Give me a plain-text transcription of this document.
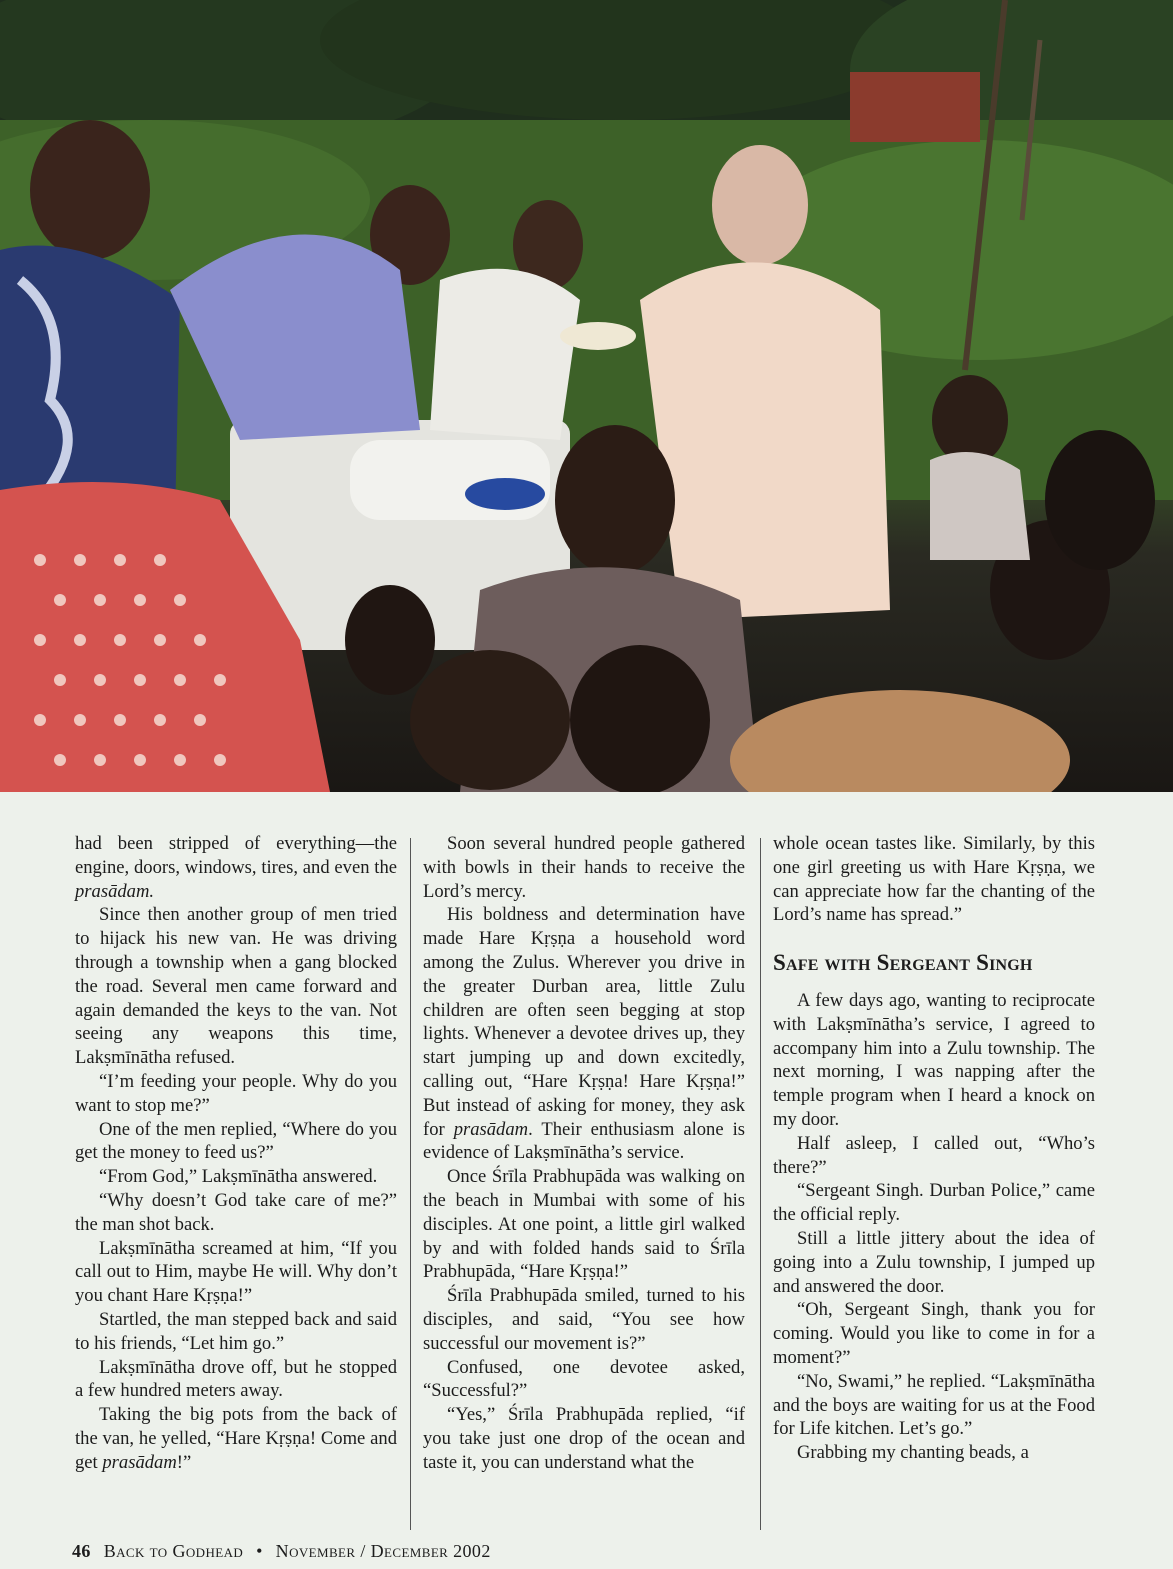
had been stripped of everything—the engine, doors, windows, tires, and even the prasādam.

Since then another group of men tried to hijack his new van. He was driving through a township when a gang blocked the road. Several men came forward and again demanded the keys to the van. Not seeing any weapons this time, Lakṣmīnātha refused.

“I’m feeding your people. Why do you want to stop me?”

One of the men replied, “Where do you get the money to feed us?”

“From God,” Lakṣmīnātha answered.

“Why doesn’t God take care of me?” the man shot back.

Lakṣmīnātha screamed at him, “If you call out to Him, maybe He will. Why don’t you chant Hare Kṛṣṇa!”

Startled, the man stepped back and said to his friends, “Let him go.”

Lakṣmīnātha drove off, but he stopped a few hundred meters away.

Taking the big pots from the back of the van, he yelled, “Hare Kṛṣṇa! Come and get prasādam!”

Soon several hundred people gathered with bowls in their hands to receive the Lord’s mercy.

His boldness and determination have made Hare Kṛṣṇa a household word among the Zulus. Wherever you drive in the greater Durban area, little Zulu children are often seen begging at stop lights. Whenever a devotee drives up, they start jumping up and down excitedly, calling out, “Hare Kṛṣṇa! Hare Kṛṣṇa!” But instead of asking for money, they ask for prasādam. Their enthusiasm alone is evidence of Lakṣmīnātha’s service.

Once Śrīla Prabhupāda was walking on the beach in Mumbai with some of his disciples. At one point, a little girl walked by and with folded hands said to Śrīla Prabhupāda, “Hare Kṛṣṇa!”

Śrīla Prabhupāda smiled, turned to his disciples, and said, “You see how successful our movement is?”

Confused, one devotee asked, “Successful?”

“Yes,” Śrīla Prabhupāda replied, “if you take just one drop of the ocean and taste it, you can understand what the

whole ocean tastes like. Similarly, by this one girl greeting us with Hare Kṛṣṇa, we can appreciate how far the chanting of the Lord’s name has spread.”

Safe with Sergeant Singh

A few days ago, wanting to reciprocate with Lakṣmīnātha’s service, I agreed to accompany him into a Zulu township. The next morning, I was napping after the temple program when I heard a knock on my door.

Half asleep, I called out, “Who’s there?”

“Sergeant Singh. Durban Police,” came the official reply.

Still a little jittery about the idea of going into a Zulu township, I jumped up and answered the door.

“Oh, Sergeant Singh, thank you for coming. Would you like to come in for a moment?”

“No, Swami,” he replied. “Lakṣmīnātha and the boys are waiting for us at the Food for Life kitchen. Let’s go.”

Grabbing my chanting beads, a

46 Back to Godhead • November / December 2002
